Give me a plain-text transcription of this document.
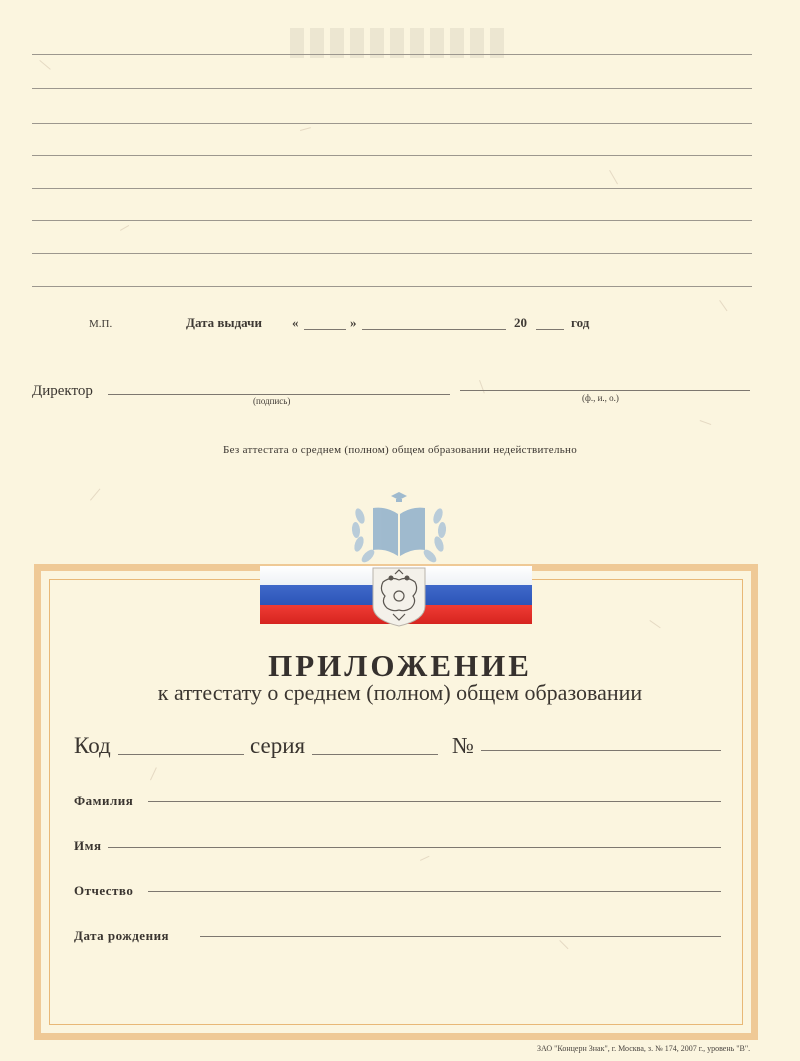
М.П.	Дата выдачи «	»	20	год
Директор
(подпись)	(ф., и., о.)
Без аттестата о среднем (полном) общем образовании недействительно
ПРИЛОЖЕНИЕ
к аттестату о среднем (полном) общем образовании
Код	серия	№
Фамилия
Имя
Отчество
Дата рождения
ЗАО "Концерн Знак", г. Москва, з. № 174, 2007 г., уровень "В".
